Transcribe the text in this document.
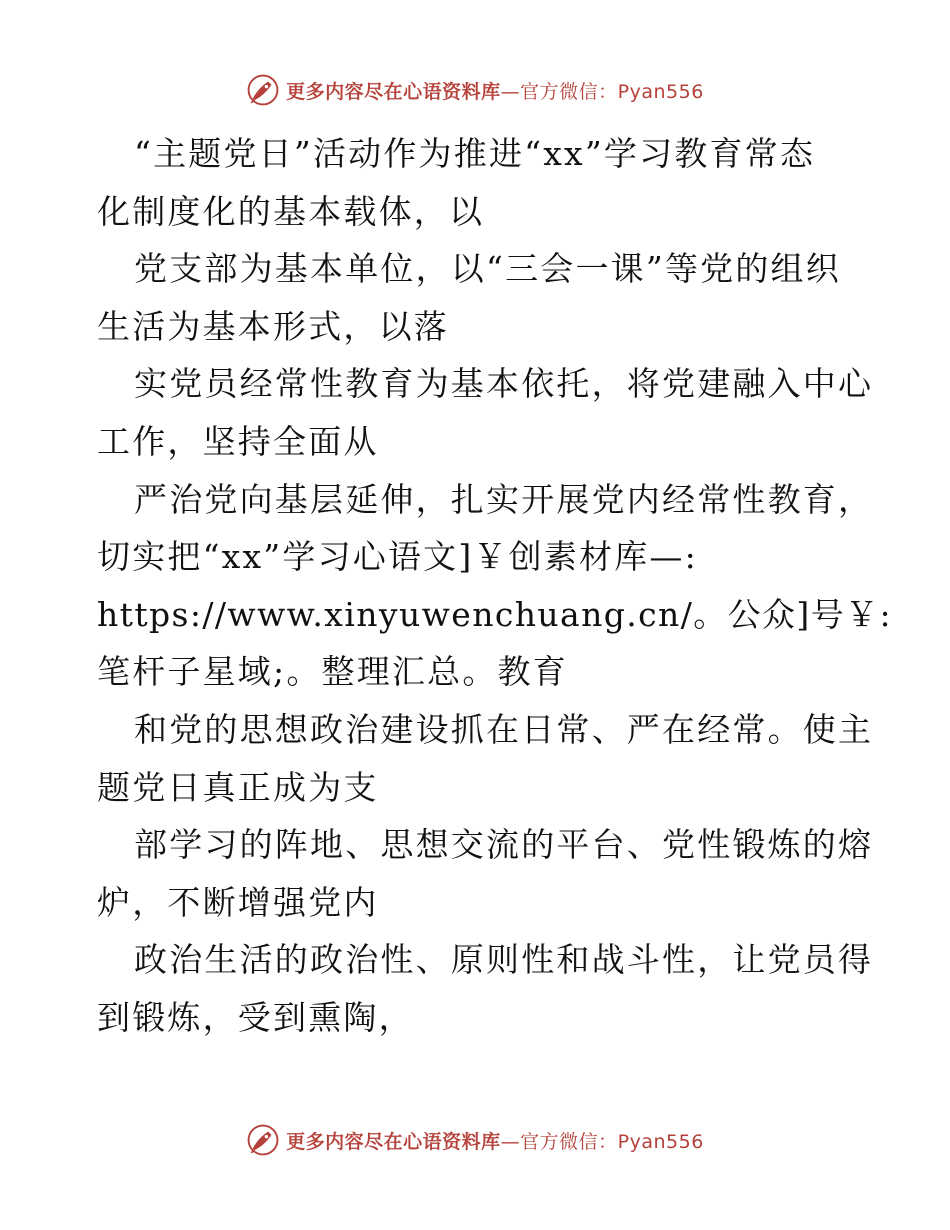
更多内容尽在心语资料库—官方微信：Pyan556
“主题党日”活动作为推进“xx”学习教育常态
化制度化的基本载体，以
党支部为基本单位，以“三会一课”等党的组织
生活为基本形式，以落
实党员经常性教育为基本依托，将党建融入中心
工作，坚持全面从
严治党向基层延伸，扎实开展党内经常性教育，
切实把“xx”学习心语文]￥创素材库—:
https://www.xinyuwenchuang.cn/。公众]号￥:
笔杆子星域;。整理汇总。教育
和党的思想政治建设抓在日常、严在经常。使主
题党日真正成为支
部学习的阵地、思想交流的平台、党性锻炼的熔
炉，不断增强党内
政治生活的政治性、原则性和战斗性，让党员得
到锻炼，受到熏陶，
更多内容尽在心语资料库—官方微信：Pyan556
